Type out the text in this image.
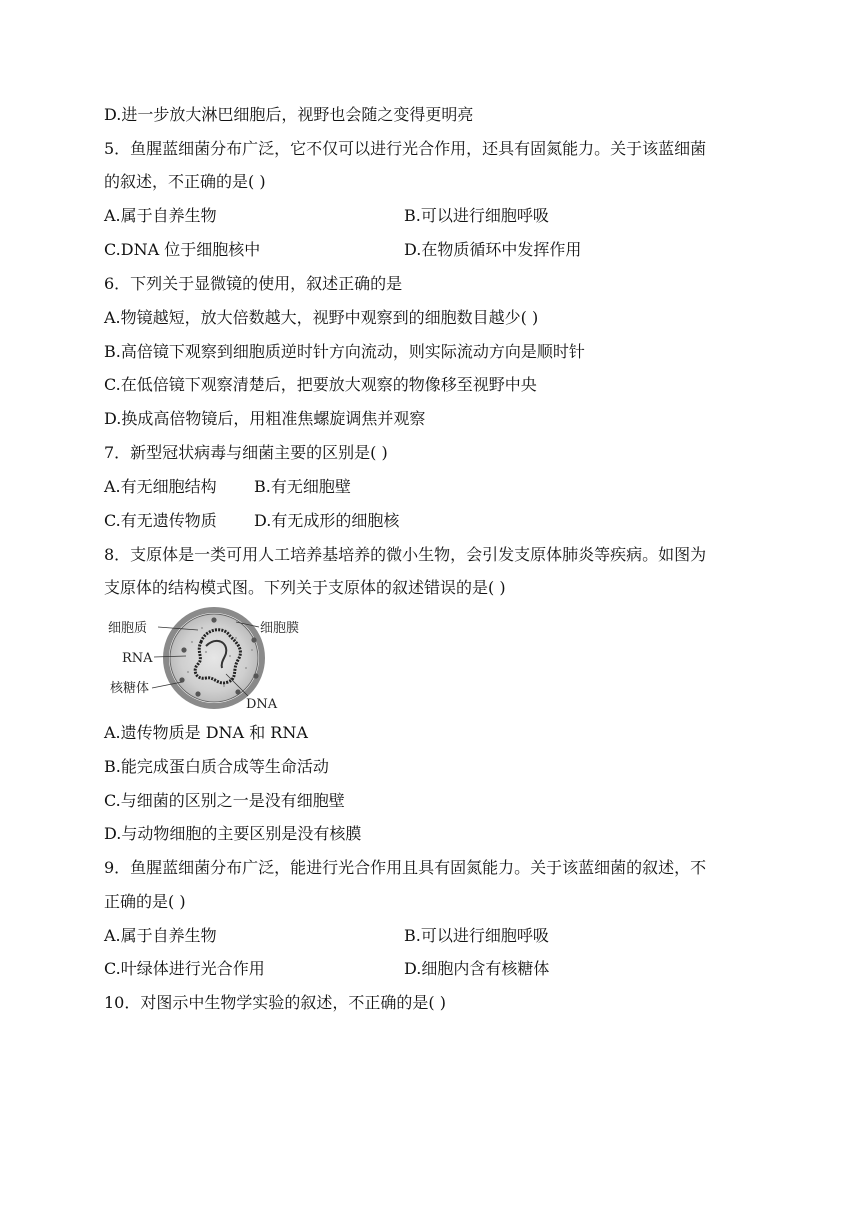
D.进一步放大淋巴细胞后，视野也会随之变得更明亮
5．鱼腥蓝细菌分布广泛，它不仅可以进行光合作用，还具有固氮能力。关于该蓝细菌
的叙述，不正确的是( )
A.属于自养生物	B.可以进行细胞呼吸
C.DNA 位于细胞核中	D.在物质循环中发挥作用
6．下列关于显微镜的使用，叙述正确的是
A.物镜越短，放大倍数越大，视野中观察到的细胞数目越少( )
B.高倍镜下观察到细胞质逆时针方向流动，则实际流动方向是顺时针
C.在低倍镜下观察清楚后，把要放大观察的物像移至视野中央
D.换成高倍物镜后，用粗准焦螺旋调焦并观察
7．新型冠状病毒与细菌主要的区别是( )
A.有无细胞结构 B.有无细胞壁
C.有无遗传物质 D.有无成形的细胞核
8．支原体是一类可用人工培养基培养的微小生物，会引发支原体肺炎等疾病。如图为
支原体的结构模式图。下列关于支原体的叙述错误的是( )
细胞质	细胞膜
RNA
核糖体
DNA
A.遗传物质是 DNA 和 RNA
B.能完成蛋白质合成等生命活动
C.与细菌的区别之一是没有细胞壁
D.与动物细胞的主要区别是没有核膜
9．鱼腥蓝细菌分布广泛，能进行光合作用且具有固氮能力。关于该蓝细菌的叙述，不
正确的是( )
A.属于自养生物	B.可以进行细胞呼吸
C.叶绿体进行光合作用	D.细胞内含有核糖体
10．对图示中生物学实验的叙述，不正确的是( )
